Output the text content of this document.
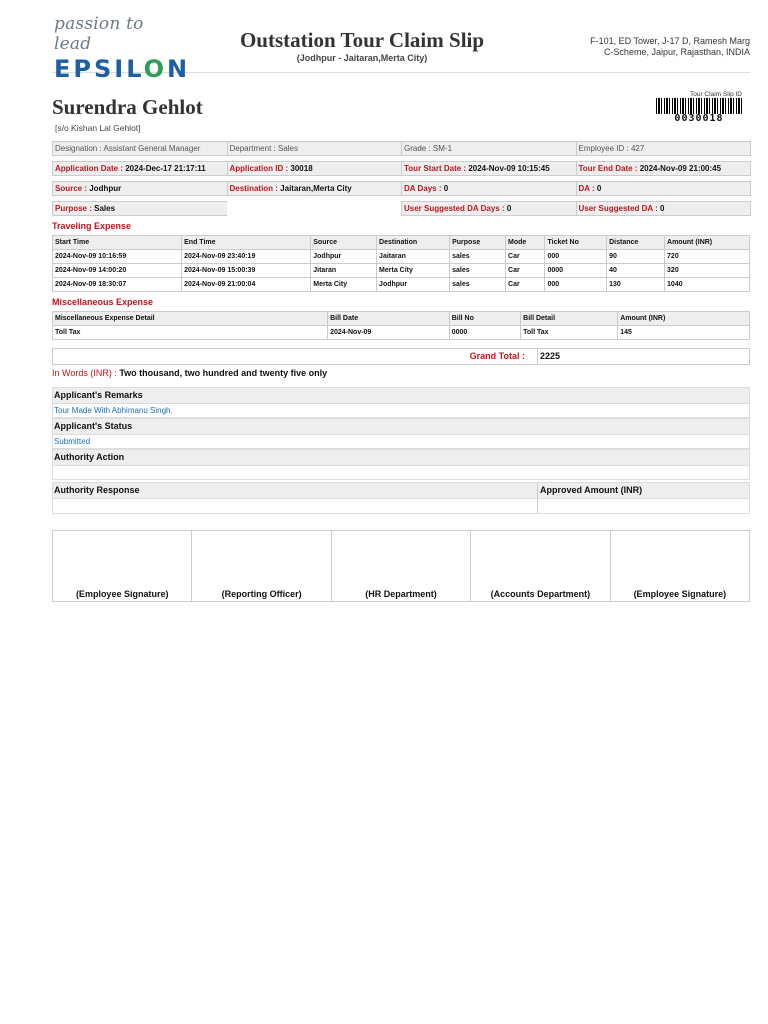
passion to lead
EPSILON
Outstation Tour Claim Slip
(Jodhpur - Jaitaran,Merta City)
F-101, ED Tower, J-17 D, Ramesh Marg
C-Scheme, Jaipur, Rajasthan, INDIA
Surendra Gehlot
[s/o Kishan Lal Gehlot]
Tour Claim Slip ID
0030018
Designation : Assistant General Manager	Department : Sales	Grade : SM-1	Employee ID : 427
Application Date : 2024-Dec-17 21:17:11	Application ID : 30018	Tour Start Date : 2024-Nov-09 10:15:45	Tour End Date : 2024-Nov-09 21:00:45
Source : Jodhpur	Destination : Jaitaran,Merta City	DA Days : 0	DA : 0
Purpose : Sales	User Suggested DA Days : 0	User Suggested DA : 0
Traveling Expense
Start Time	End Time	Source	Destination	Purpose	Mode	Ticket No	Distance	Amount (INR)
2024-Nov-09 10:16:59	2024-Nov-09 23:40:19	Jodhpur	Jaitaran	sales	Car	000	90	720
2024-Nov-09 14:00:20	2024-Nov-09 15:00:39	Jitaran	Merta City	sales	Car	0000	40	320
2024-Nov-09 18:30:07	2024-Nov-09 21:00:04	Merta City	Jodhpur	sales	Car	000	130	1040
Miscellaneous Expense
Miscellaneous Expense Detail	Bill Date	Bill No	Bill Detail	Amount (INR)
Toll Tax	2024-Nov-09	0000	Toll Tax	145
Grand Total :	2225
In Words (INR) : Two thousand, two hundred and twenty five only
Applicant's Remarks
Tour Made With Abhimanu Singh.
Applicant's Status
Submitted
Authority Action
Authority Response	Approved Amount (INR)
(Employee Signature)	(Reporting Officer)	(HR Department)	(Accounts Department)	(Employee Signature)
